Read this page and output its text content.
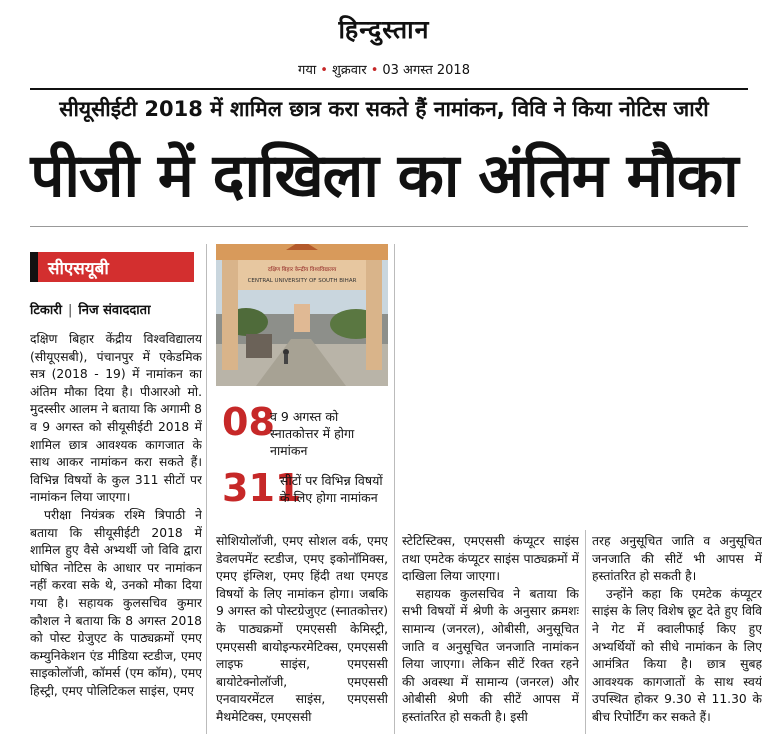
हिन्दुस्तान
गया • शुक्रवार • 03 अगस्त 2018
सीयूसीईटी 2018 में शामिल छात्र करा सकते हैं नामांकन, विवि ने किया नोटिस जारी
पीजी में दाखिला का अंतिम मौका
सीएसयूबी
टिकारी | निज संवाददाता

दक्षिण बिहार केंद्रीय विश्वविद्यालय (सीयूएसबी), पंचानपुर में एकेडमिक सत्र (2018 - 19) में नामांकन का अंतिम मौका दिया है। पीआरओ मो. मुदस्सीर आलम ने बताया कि अगामी 8 व 9 अगस्त को सीयूसीईटी 2018 में शामिल छात्र आवश्यक कागजात के साथ आकर नामांकन करा सकते हैं। विभिन्न विषयों के कुल 311 सीटों पर नामांकन लिया जाएगा।

परीक्षा नियंत्रक रश्मि त्रिपाठी ने बताया कि सीयूसीईटी 2018 में शामिल हुए वैसे अभ्यर्थी जो विवि द्वारा घोषित नोटिस के आधार पर नामांकन नहीं करवा सके थे, उनको मौका दिया गया है। सहायक कुलसचिव कुमार कौशल ने बताया कि 8 अगस्त 2018 को पोस्ट ग्रेजुएट के पाठ्यक्रमों एमए कम्युनिकेशन एंड मीडिया स्टडीज, एमए साइकोलॉजी, कॉमर्स (एम कॉम), एमए हिस्ट्री, एमए पोलिटिकल साइंस, एमए

दक्षिण बिहार केन्द्रीय विश्वविद्यालय
CENTRAL UNIVERSITY OF SOUTH BIHAR
08
व 9 अगस्त को स्नातकोत्तर में होगा नामांकन
311
सीटों पर विभिन्न विषयों के लिए होगा नामांकन

सोशियोलॉजी, एमए सोशल वर्क, एमए डेवलपमेंट स्टडीज, एमए इकोनॉमिक्स, एमए इंग्लिश, एमए हिंदी तथा एमएड विषयों के लिए नामांकन होगा। जबकि 9 अगस्त को पोस्टग्रेजुएट (स्नातकोत्तर) के पाठ्यक्रमों एमएससी केमिस्ट्री, एमएससी बायोइन्फरमेटिक्स, एमएससी लाइफ साइंस, एमएससी बायोटेक्नोलॉजी, एमएससी एनवायरमेंटल साइंस, एमएससी मैथमेटिक्स, एमएससी

स्टेटिस्टिक्स, एमएससी कंप्यूटर साइंस तथा एमटेक कंप्यूटर साइंस पाठ्यक्रमों में दाखिला लिया जाएगा।

सहायक कुलसचिव ने बताया कि सभी विषयों में श्रेणी के अनुसार क्रमशः सामान्य (जनरल), ओबीसी, अनुसूचित जाति व अनुसूचित जनजाति नामांकन लिया जाएगा। लेकिन सीटें रिक्त रहने की अवस्था में सामान्य (जनरल) और ओबीसी श्रेणी की सीटें आपस में हस्तांतरित हो सकती है। इसी

तरह अनुसूचित जाति व अनुसूचित जनजाति की सीटें भी आपस में हस्तांतरित हो सकती है।

उन्होंने कहा कि एमटेक कंप्यूटर साइंस के लिए विशेष छूट देते हुए विवि ने गेट में क्वालीफाई किए हुए अभ्यर्थियों को सीधे नामांकन के लिए आमंत्रित किया है। छात्र सुबह आवश्यक कागजातों के साथ स्वयं उपस्थित होकर 9.30 से 11.30 के बीच रिपोर्टिंग कर सकते हैं।
